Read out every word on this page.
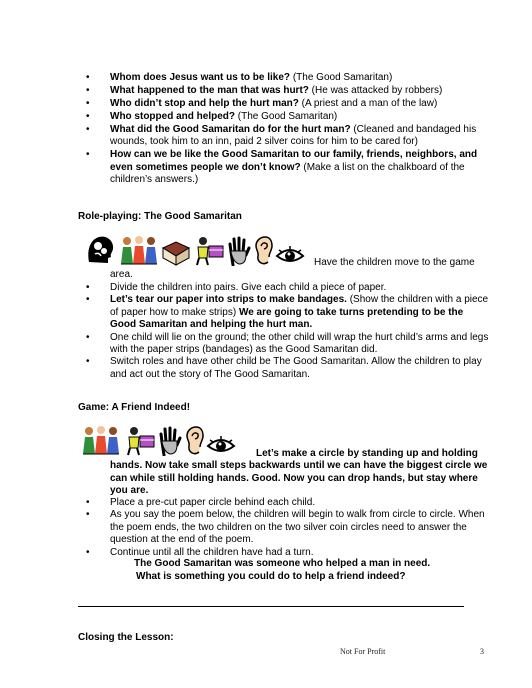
• Whom does Jesus want us to be like? (The Good Samaritan)
• What happened to the man that was hurt? (He was attacked by robbers)
• Who didn’t stop and help the hurt man? (A priest and a man of the law)
• Who stopped and helped? (The Good Samaritan)
• What did the Good Samaritan do for the hurt man? (Cleaned and bandaged his wounds, took him to an inn, paid 2 silver coins for him to be cared for)
• How can we be like the Good Samaritan to our family, friends, neighbors, and even sometimes people we don’t know? (Make a list on the chalkboard of the children’s answers.)
Role-playing: The Good Samaritan
Have the children move to the game
area.
• Divide the children into pairs. Give each child a piece of paper.
• Let’s tear our paper into strips to make bandages. (Show the children with a piece of paper how to make strips) We are going to take turns pretending to be the Good Samaritan and helping the hurt man.
• One child will lie on the ground; the other child will wrap the hurt child’s arms and legs with the paper strips (bandages) as the Good Samaritan did.
• Switch roles and have other child be The Good Samaritan. Allow the children to play and act out the story of The Good Samaritan.
Game: A Friend Indeed!
Let’s make a circle by standing up and holding hands. Now take small steps backwards until we can have the biggest circle we can while still holding hands. Good. Now you can drop hands, but stay where you are.
• Place a pre-cut paper circle behind each child.
• As you say the poem below, the children will begin to walk from circle to circle. When the poem ends, the two children on the two silver coin circles need to answer the question at the end of the poem.
• Continue until all the children have had a turn.
The Good Samaritan was someone who helped a man in need.
What is something you could do to help a friend indeed?
Closing the Lesson:
Not For Profit	3
